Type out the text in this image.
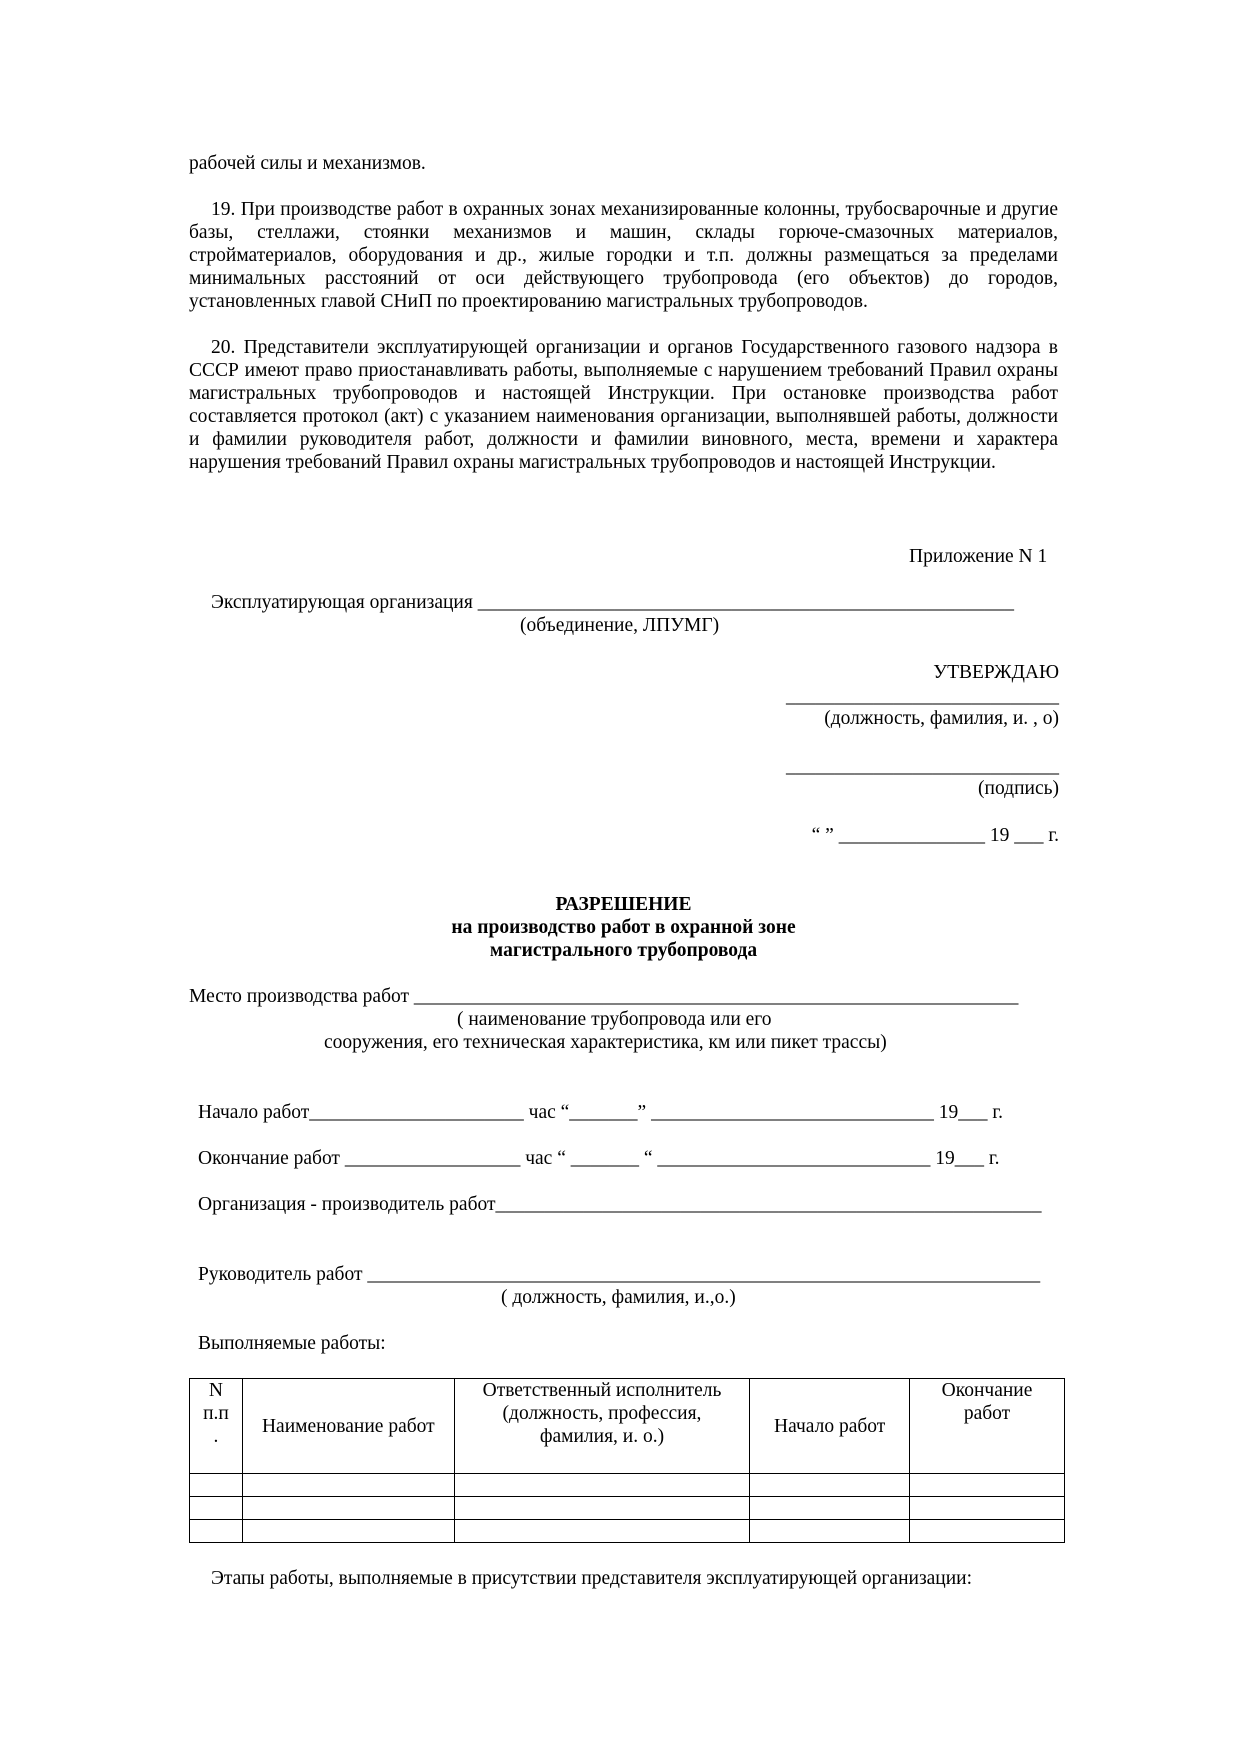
рабочей силы и механизмов.
19. При производстве работ в охранных зонах механизированные колонны, трубосварочные и другие базы, стеллажи, стоянки механизмов и машин, склады горюче-смазочных материалов, стройматериалов, оборудования и др., жилые городки и т.п. должны размещаться за пределами минимальных расстояний от оси действующего трубопровода (его объектов) до городов, установленных главой СНиП по проектированию магистральных трубопроводов.
20. Представители эксплуатирующей организации и органов Государственного газового надзора в СССР имеют право приостанавливать работы, выполняемые с нарушением требований Правил охраны магистральных трубопроводов и настоящей Инструкции. При остановке производства работ составляется протокол (акт) с указанием наименования организации, выполнявшей работы, должности и фамилии руководителя работ, должности и фамилии виновного, места, времени и характера нарушения требований Правил охраны магистральных трубопроводов и настоящей Инструкции.
Приложение N 1
Эксплуатирующая организация _______________________________________________________
(объединение, ЛПУМГ)
УТВЕРЖДАЮ
____________________________
(должность, фамилия, и. , о)
____________________________
(подпись)
“ ” _______________ 19 ___ г.
РАЗРЕШЕНИЕ
на производство работ в охранной зоне
магистрального трубопровода
Место производства работ ______________________________________________________________
( наименование трубопровода или его
сооружения, его техническая характеристика, км или пикет трассы)
Начало работ______________________ час “_______” _____________________________ 19___ г.
Окончание работ __________________ час “ _______ “ ____________________________ 19___ г.
Организация - производитель работ________________________________________________________
Руководитель работ _____________________________________________________________________
( должность, фамилия, и.,о.)
Выполняемые работы:
N
п.п
.	Наименование работ	Ответственный исполнитель (должность, профессия, фамилия, и. о.)	Начало работ	Окончание работ

Этапы работы, выполняемые в присутствии представителя эксплуатирующей организации:
